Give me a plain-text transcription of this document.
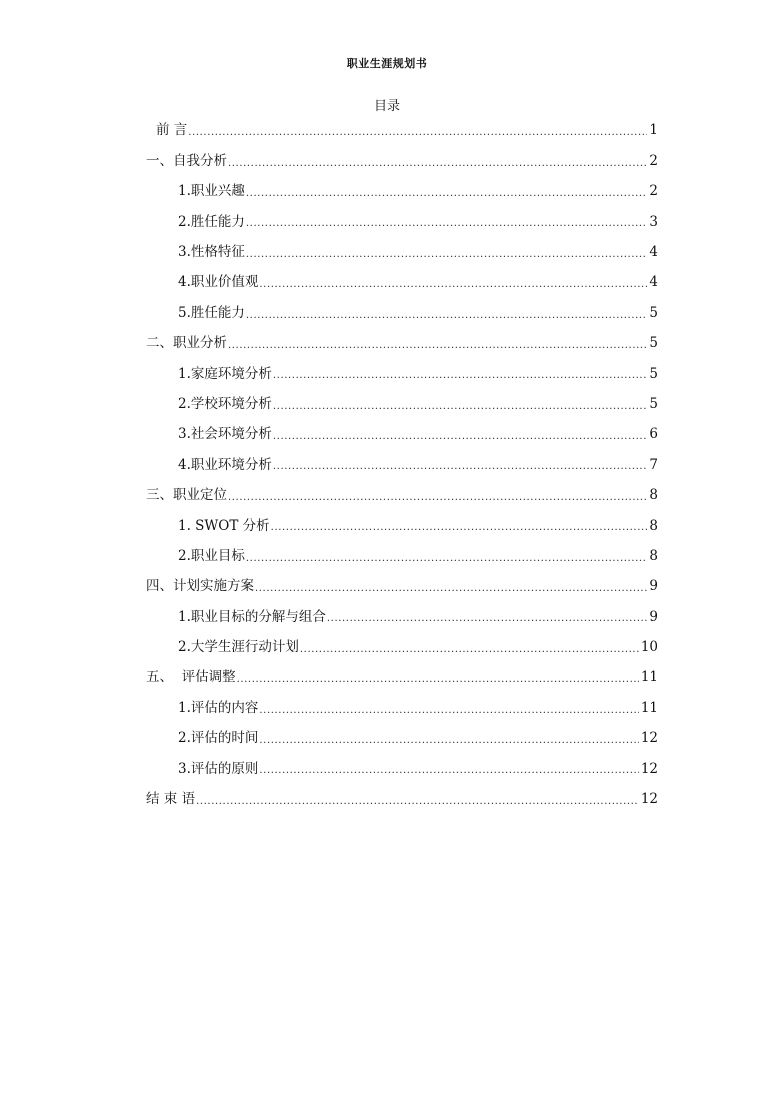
职业生涯规划书
目录
前 言 .....	1
一、自我分析 .....	2
1.职业兴趣 .....	2
2.胜任能力 .....	3
3.性格特征 .....	4
4.职业价值观 .....	4
5.胜任能力 .....	5
二、职业分析 .....	5
1.家庭环境分析 .....	5
2.学校环境分析 .....	5
3.社会环境分析 .....	6
4.职业环境分析 .....	7
三、职业定位 .....	8
1. SWOT 分析 .....	8
2.职业目标 .....	8
四、计划实施方案 .....	9
1.职业目标的分解与组合 .....	9
2.大学生涯行动计划 .....	10
五、  评估调整 .....	11
1.评估的内容 .....	11
2.评估的时间 .....	12
3.评估的原则 .....	12
结 束 语 .....	12
